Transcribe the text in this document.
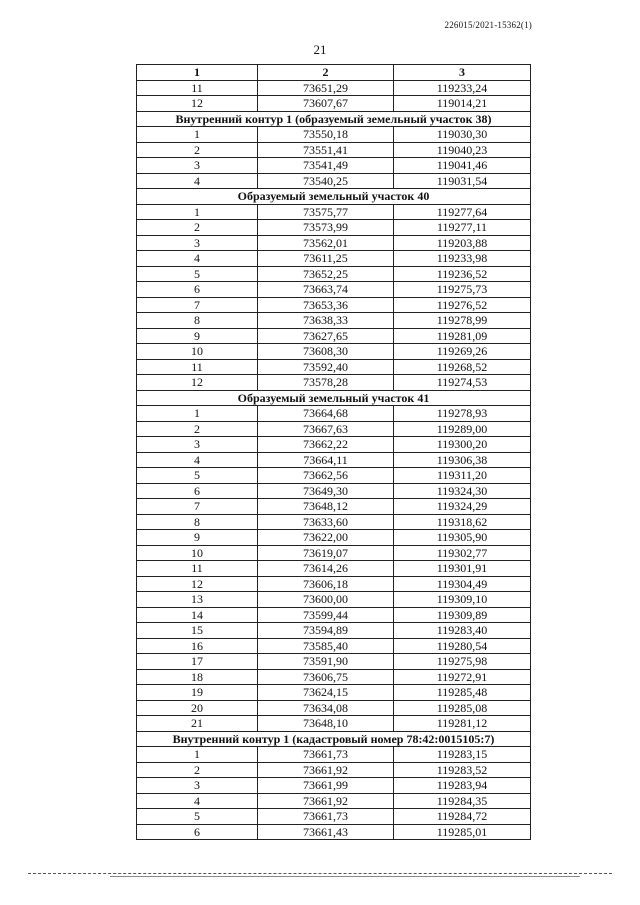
226015/2021-15362(1)
21
1	2	3
11	73651,29	119233,24
12	73607,67	119014,21
Внутренний контур 1 (образуемый земельный участок 38)		
1	73550,18	119030,30
2	73551,41	119040,23
3	73541,49	119041,46
4	73540,25	119031,54
Образуемый земельный участок 40		
1	73575,77	119277,64
2	73573,99	119277,11
3	73562,01	119203,88
4	73611,25	119233,98
5	73652,25	119236,52
6	73663,74	119275,73
7	73653,36	119276,52
8	73638,33	119278,99
9	73627,65	119281,09
10	73608,30	119269,26
11	73592,40	119268,52
12	73578,28	119274,53
Образуемый земельный участок 41		
1	73664,68	119278,93
2	73667,63	119289,00
3	73662,22	119300,20
4	73664,11	119306,38
5	73662,56	119311,20
6	73649,30	119324,30
7	73648,12	119324,29
8	73633,60	119318,62
9	73622,00	119305,90
10	73619,07	119302,77
11	73614,26	119301,91
12	73606,18	119304,49
13	73600,00	119309,10
14	73599,44	119309,89
15	73594,89	119283,40
16	73585,40	119280,54
17	73591,90	119275,98
18	73606,75	119272,91
19	73624,15	119285,48
20	73634,08	119285,08
21	73648,10	119281,12
Внутренний контур 1 (кадастровый номер 78:42:0015105:7)		
1	73661,73	119283,15
2	73661,92	119283,52
3	73661,99	119283,94
4	73661,92	119284,35
5	73661,73	119284,72
6	73661,43	119285,01
